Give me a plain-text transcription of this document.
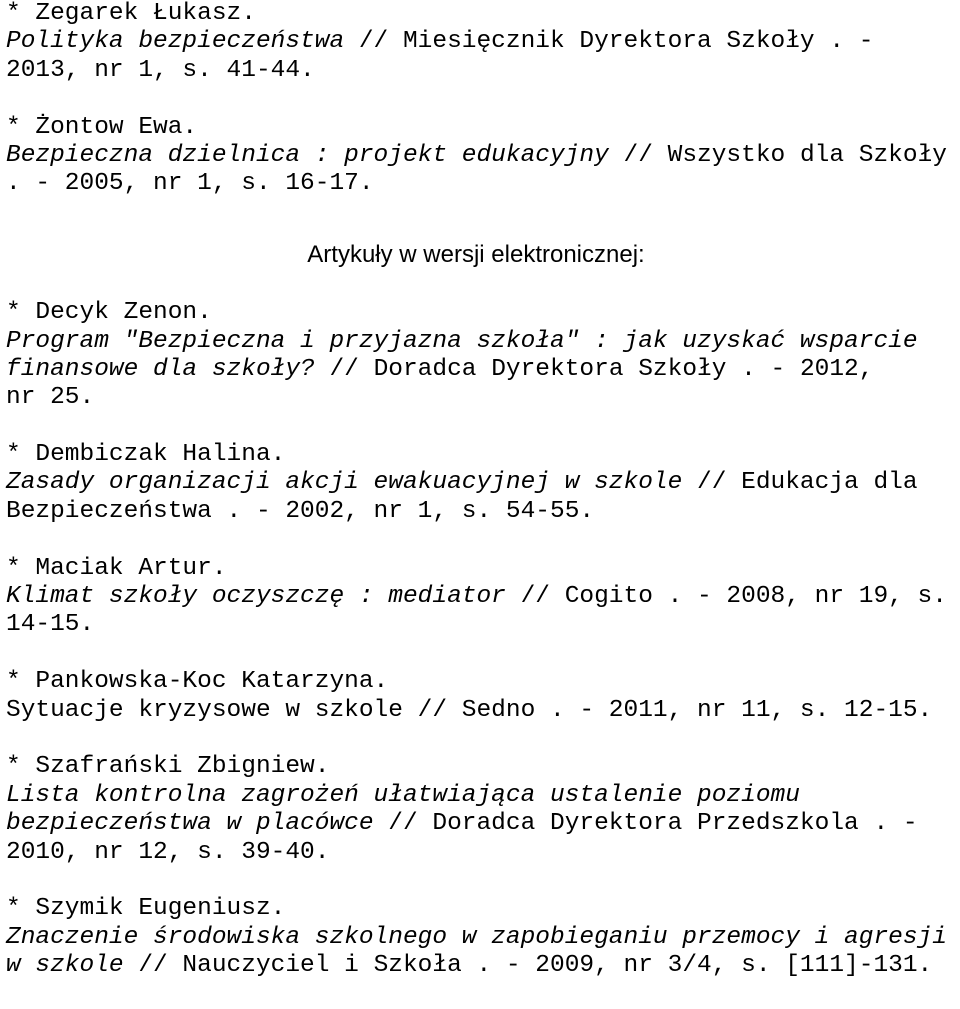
* Zegarek Łukasz.
Polityka bezpieczeństwa // Miesięcznik Dyrektora Szkoły . -
2013, nr 1, s. 41-44.
* Żontow Ewa.
Bezpieczna dzielnica : projekt edukacyjny // Wszystko dla Szkoły
. - 2005, nr 1, s. 16-17.
Artykuły w wersji elektronicznej:
* Decyk Zenon.
Program "Bezpieczna i przyjazna szkoła" : jak uzyskać wsparcie
finansowe dla szkoły? // Doradca Dyrektora Szkoły . - 2012,
nr 25.
* Dembiczak Halina.
Zasady organizacji akcji ewakuacyjnej w szkole // Edukacja dla
Bezpieczeństwa . - 2002, nr 1, s. 54-55.
* Maciak Artur.
Klimat szkoły oczyszczę : mediator // Cogito . - 2008, nr 19, s.
14-15.
* Pankowska-Koc Katarzyna.
Sytuacje kryzysowe w szkole // Sedno . - 2011, nr 11, s. 12-15.
* Szafrański Zbigniew.
Lista kontrolna zagrożeń ułatwiająca ustalenie poziomu
bezpieczeństwa w placówce // Doradca Dyrektora Przedszkola . -
2010, nr 12, s. 39-40.
* Szymik Eugeniusz.
Znaczenie środowiska szkolnego w zapobieganiu przemocy i agresji
w szkole // Nauczyciel i Szkoła . - 2009, nr 3/4, s. [111]-131.
